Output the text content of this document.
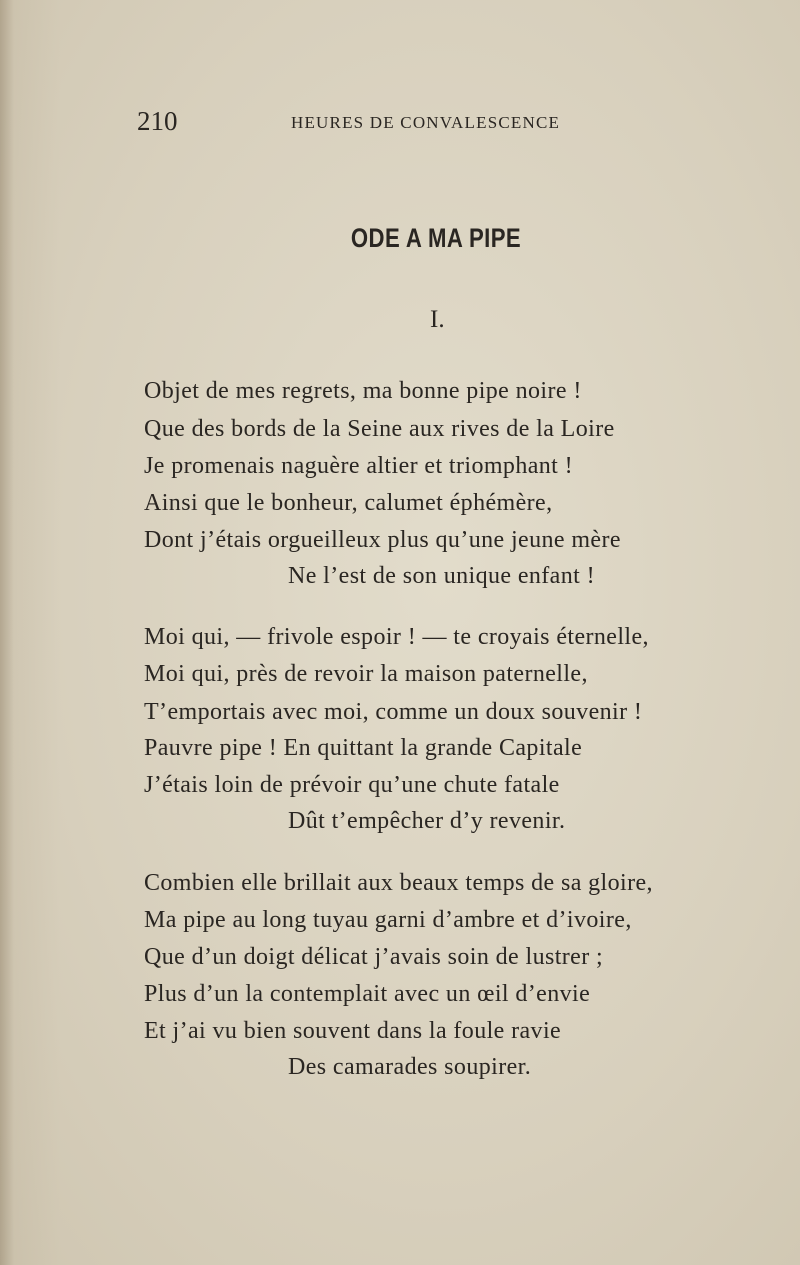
210	HEURES DE CONVALESCENCE
ODE A MA PIPE
I.
Objet de mes regrets, ma bonne pipe noire !
Que des bords de la Seine aux rives de la Loire
Je promenais naguère altier et triomphant !
Ainsi que le bonheur, calumet éphémère,
Dont j’étais orgueilleux plus qu’une jeune mère
Ne l’est de son unique enfant !
Moi qui, — frivole espoir ! — te croyais éternelle,
Moi qui, près de revoir la maison paternelle,
T’emportais avec moi, comme un doux souvenir !
Pauvre pipe ! En quittant la grande Capitale
J’étais loin de prévoir qu’une chute fatale
Dût t’empêcher d’y revenir.
Combien elle brillait aux beaux temps de sa gloire,
Ma pipe au long tuyau garni d’ambre et d’ivoire,
Que d’un doigt délicat j’avais soin de lustrer ;
Plus d’un la contemplait avec un œil d’envie
Et j’ai vu bien souvent dans la foule ravie
Des camarades soupirer.
